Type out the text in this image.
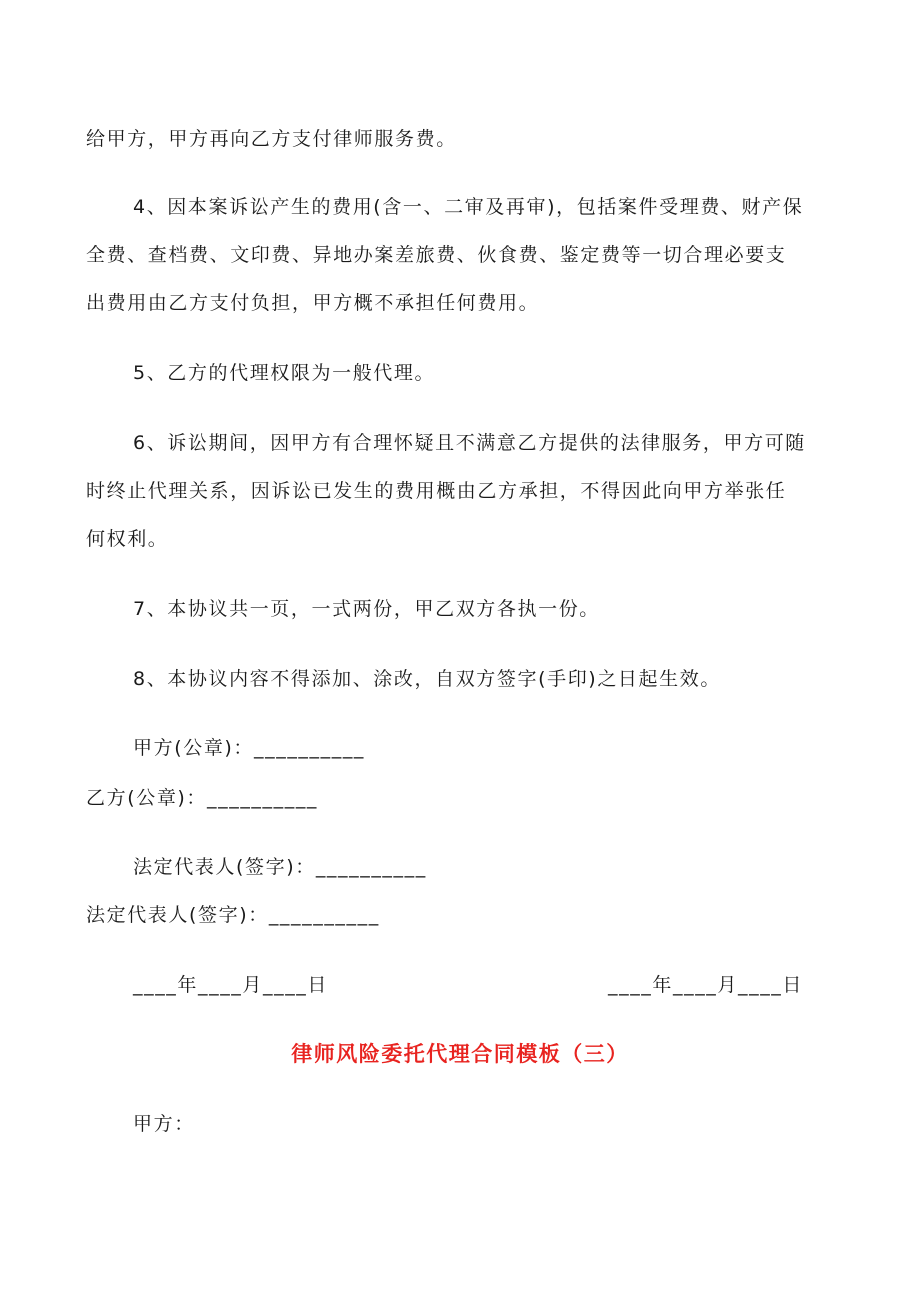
给甲方，甲方再向乙方支付律师服务费。
4、因本案诉讼产生的费用(含一、二审及再审)，包括案件受理费、财产保
全费、查档费、文印费、异地办案差旅费、伙食费、鉴定费等一切合理必要支
出费用由乙方支付负担，甲方概不承担任何费用。
5、乙方的代理权限为一般代理。
6、诉讼期间，因甲方有合理怀疑且不满意乙方提供的法律服务，甲方可随
时终止代理关系，因诉讼已发生的费用概由乙方承担，不得因此向甲方举张任
何权利。
7、本协议共一页，一式两份，甲乙双方各执一份。
8、本协议内容不得添加、涂改，自双方签字(手印)之日起生效。
甲方(公章)：__________
乙方(公章)：__________
法定代表人(签字)：__________
法定代表人(签字)：__________
____年____月____日	____年____月____日
律师风险委托代理合同模板（三）
甲方：
